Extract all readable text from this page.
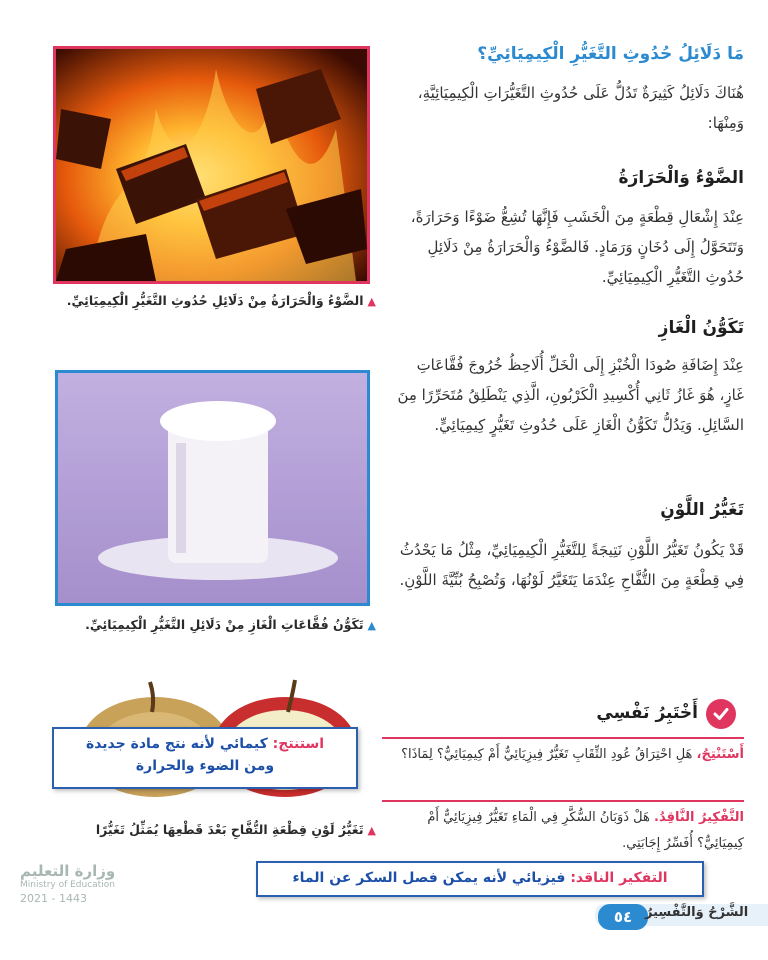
▲الضَّوْءُ وَالْحَرَارَةُ مِنْ دَلَائِلِ حُدُوثِ التَّغَيُّرِ الْكِيمِيَائِيِّ.
▲تَكَوُّنُ فُقَّاعَاتِ الْغَازِ مِنْ دَلَائِلِ التَّغَيُّرِ الْكِيمِيَائِيِّ.
▲تَغَيُّرُ لَوْنِ قِطْعَةِ التُّفَّاحِ بَعْدَ قَطْعِهَا يُمَثِّلُ تَغَيُّرًا
استنتج: كيمائي لأنه نتج مادة جديدة
ومن الضوء والحرارة
مَا دَلَائِلُ حُدُوثِ التَّغَيُّرِ الْكِيمِيَائِيِّ؟
هُنَاكَ دَلَائِلُ كَثِيرَةٌ تَدُلُّ عَلَى حُدُوثِ التَّغَيُّرَاتِ الْكِيمِيَائِيَّةِ، وَمِنْهَا:
الضَّوْءُ وَالْحَرَارَةُ
عِنْدَ إِشْعَالِ قِطْعَةٍ مِنَ الْخَشَبِ فَإِنَّهَا تُشِعُّ ضَوْءًا وَحَرَارَةً، وَتَتَحَوَّلُ إِلَى دُخَانٍ وَرَمَادٍ. فَالضَّوْءُ وَالْحَرَارَةُ مِنْ دَلَائِلِ حُدُوثِ التَّغَيُّرِ الْكِيمِيَائِيِّ.
تَكَوُّنُ الْغَازِ
عِنْدَ إِضَافَةِ صُودَا الْخُبْزِ إِلَى الْخَلِّ أُلَاحِظُ خُرُوجَ فُقَّاعَاتِ غَازٍ، هُوَ غَازُ ثَانِي أُكْسِيدِ الْكَرْبُونِ، الَّذِي يَنْطَلِقُ مُتَحَرِّرًا مِنَ السَّائِلِ. وَيَدُلُّ تَكَوُّنُ الْغَازِ عَلَى حُدُوثِ تَغَيُّرٍ كِيمِيَائِيٍّ.
تَغَيُّرُ اللَّوْنِ
قَدْ يَكُونُ تَغَيُّرُ اللَّوْنِ نَتِيجَةً لِلتَّغَيُّرِ الْكِيمِيَائِيِّ، مِثْلُ مَا يَحْدُثُ فِي قِطْعَةٍ مِنَ التُّفَّاحِ عِنْدَمَا يَتَغَيَّرُ لَوْنُهَا، وَتُصْبِحُ بُنِّيَّةَ اللَّوْنِ.
أَخْتَبِرُ نَفْسِي
أَسْتَنْتِجُ، هَلِ احْتِرَاقُ عُودِ الثِّقَابِ تَغَيُّرٌ فِيزِيَائِيٌّ أَمْ كِيمِيَائِيٌّ؟ لِمَاذَا؟
التَّفْكِيرُ النَّاقِدُ. هَلْ ذَوَبَانُ السُّكَّرِ فِي الْمَاءِ تَغَيُّرٌ فِيزِيَائِيٌّ أَمْ كِيمِيَائِيٌّ؟ أُفَسِّرُ إِجَابَتِي.
التفكير الناقد: فيزيائي لأنه يمكن فصل السكر عن الماء
٥٤ الشَّرْحُ وَالتَّفْسِيرُ
وزارة التعليم
Ministry of Education
2021 - 1443
